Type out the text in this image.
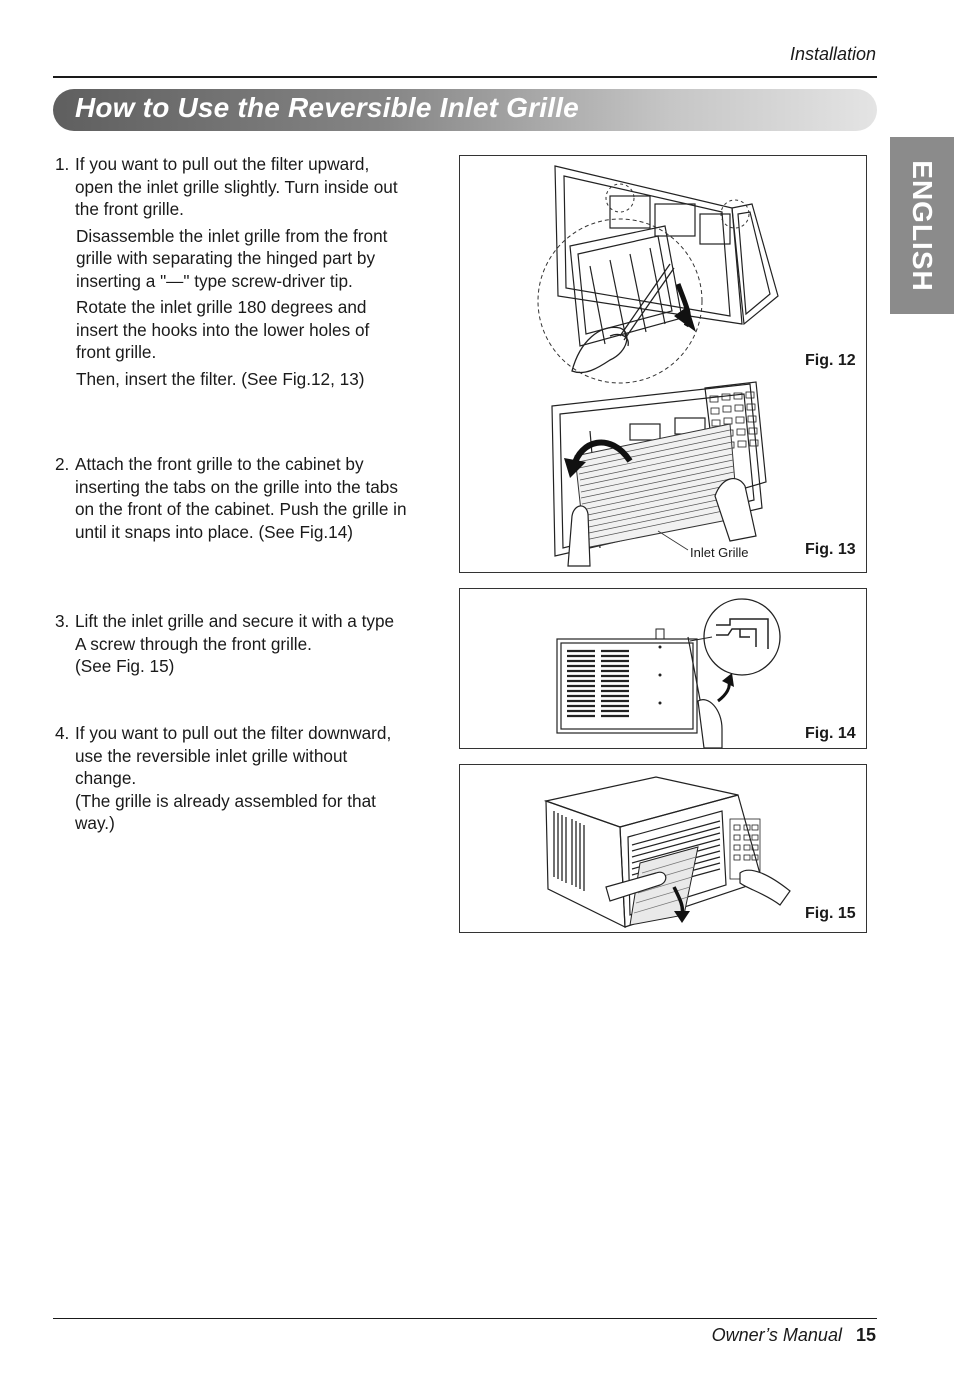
Installation
How to Use the Reversible Inlet Grille
ENGLISH
1. If you want to pull out the filter upward,
open the inlet grille slightly. Turn inside out
the front grille.
Disassemble the inlet grille from the front
grille with separating the hinged part by
inserting a "—" type screw-driver tip.
Rotate the inlet grille 180 degrees and
insert the hooks into the lower holes of
front grille.
Then, insert the filter. (See Fig.12, 13)
2. Attach the front grille to the cabinet by
inserting the tabs on the grille into the tabs
on the front of the cabinet. Push the grille in
until it snaps into place. (See Fig.14)
3. Lift the inlet grille and secure it with a type
A screw through the front grille.
(See Fig. 15)
4. If you want to pull out the filter downward,
use the reversible inlet grille without
change.
(The grille is already assembled for that
way.)
Fig. 12
Inlet Grille	Fig. 13
Fig. 14
Fig. 15
Owner’s Manual 15
